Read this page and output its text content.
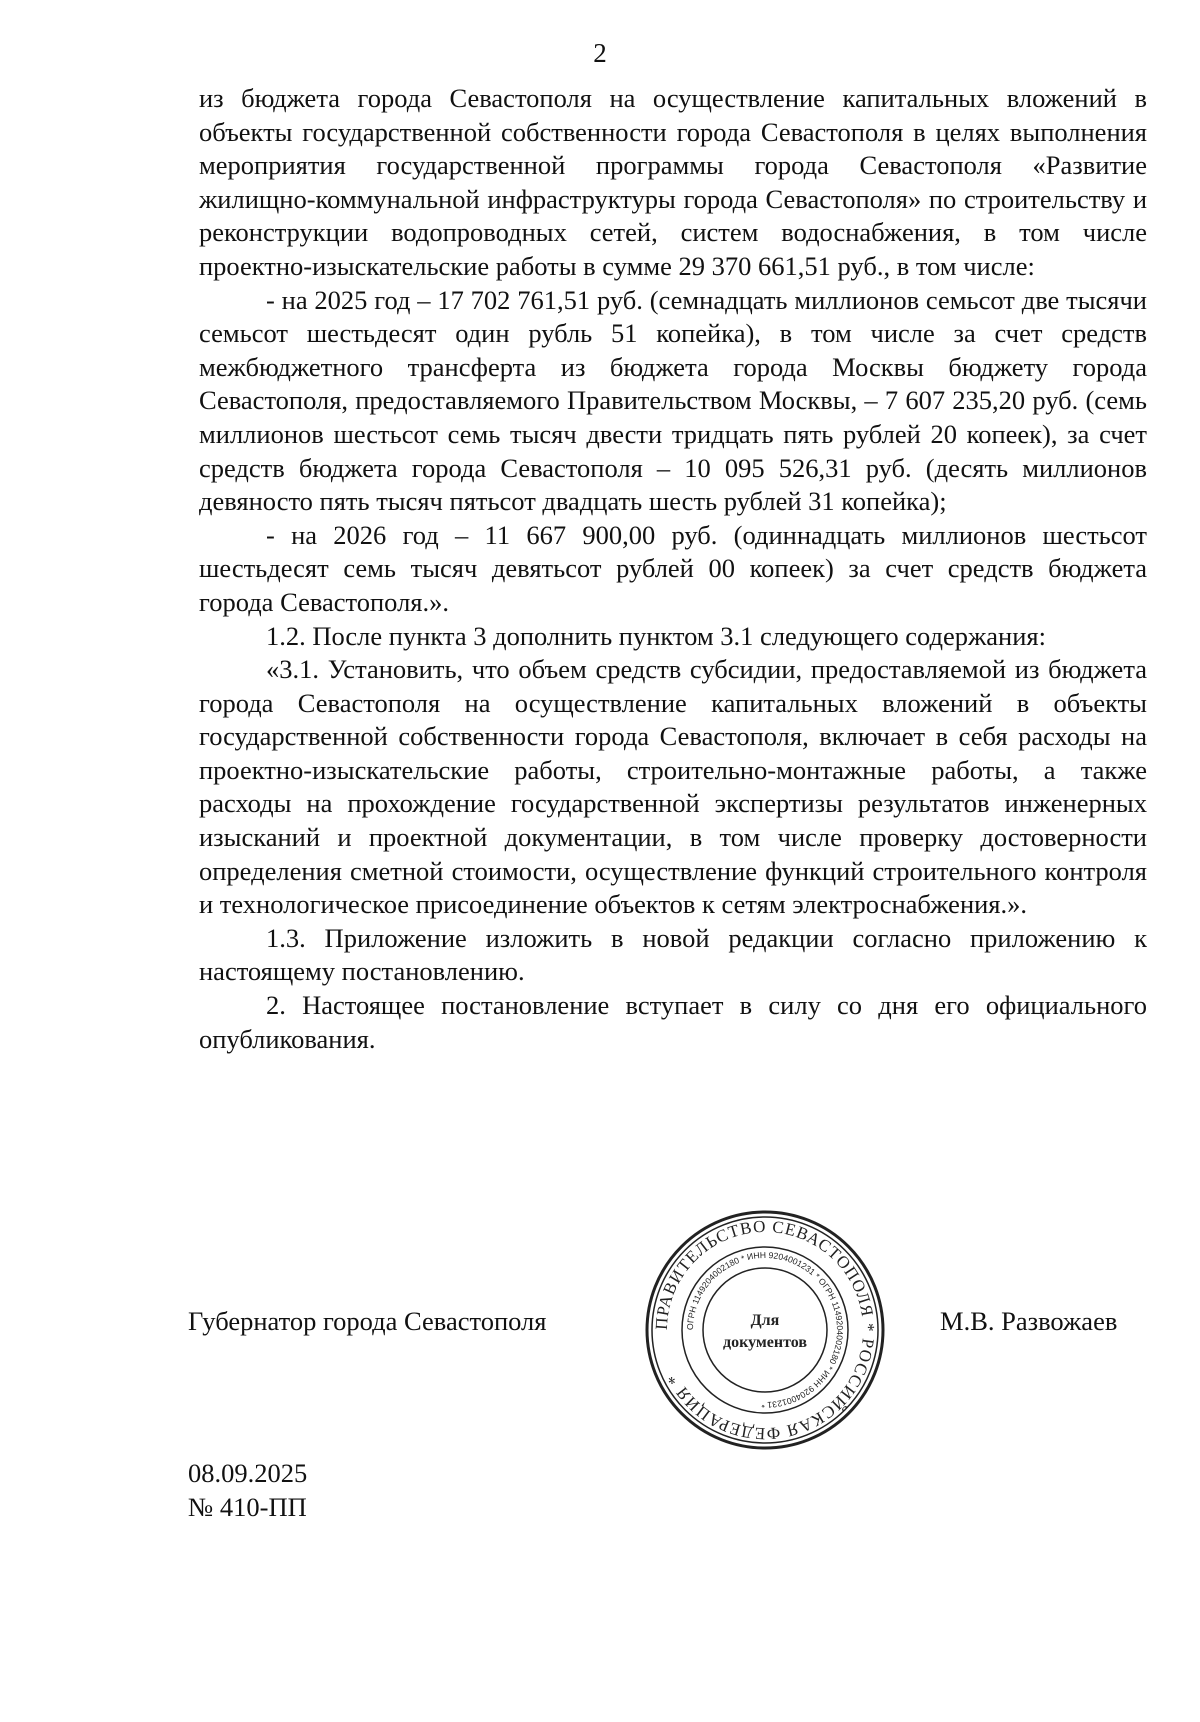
2

из бюджета города Севастополя на осуществление капитальных вложений в объекты государственной собственности города Севастополя в целях выполнения мероприятия государственной программы города Севастополя «Развитие жилищно-коммунальной инфраструктуры города Севастополя» по строительству и реконструкции водопроводных сетей, систем водоснабжения, в том числе проектно-изыскательские работы в сумме 29 370 661,51 руб., в том числе:

- на 2025 год – 17 702 761,51 руб. (семнадцать миллионов семьсот две тысячи семьсот шестьдесят один рубль 51 копейка), в том числе за счет средств межбюджетного трансферта из бюджета города Москвы бюджету города Севастополя, предоставляемого Правительством Москвы, – 7 607 235,20 руб. (семь миллионов шестьсот семь тысяч двести тридцать пять рублей 20 копеек), за счет средств бюджета города Севастополя – 10 095 526,31 руб. (десять миллионов девяносто пять тысяч пятьсот двадцать шесть рублей 31 копейка);

- на 2026 год – 11 667 900,00 руб. (одиннадцать миллионов шестьсот шестьдесят семь тысяч девятьсот рублей 00 копеек) за счет средств бюджета города Севастополя.».

1.2. После пункта 3 дополнить пунктом 3.1 следующего содержания:

«3.1. Установить, что объем средств субсидии, предоставляемой из бюджета города Севастополя на осуществление капитальных вложений в объекты государственной собственности города Севастополя, включает в себя расходы на проектно-изыскательские работы, строительно-монтажные работы, а также расходы на прохождение государственной экспертизы результатов инженерных изысканий и проектной документации, в том числе проверку достоверности определения сметной стоимости, осуществление функций строительного контроля и технологическое присоединение объектов к сетям электроснабжения.».

1.3. Приложение изложить в новой редакции согласно приложению к настоящему постановлению.

2. Настоящее постановление вступает в силу со дня его официального опубликования.

Губернатор города Севастополя	ПРАВИТЕЛЬСТВО СЕВАСТОПОЛЯ * РОССИЙСКАЯ ФЕДЕРАЦИЯ *
ОГРН 1149204002180 * ИНН 9204001231 * ОГРН 1149204002180 * ИНН 9204001231 *
Для
документов
М.В. Развожаев
08.09.2025
№ 410-ПП
